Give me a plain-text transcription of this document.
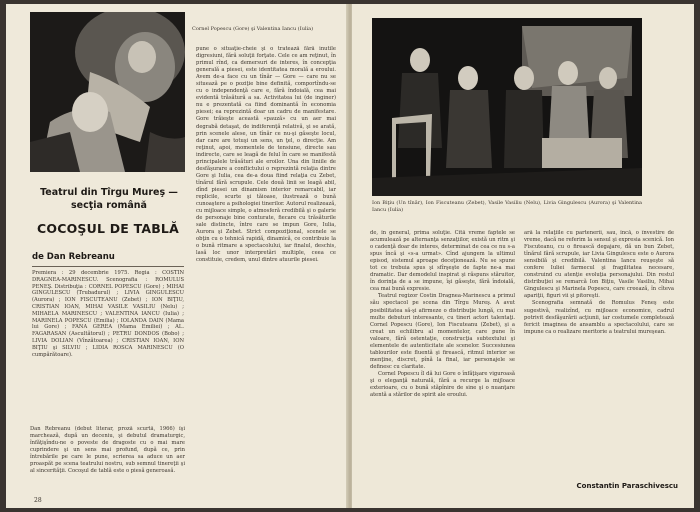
Teatrul din Tîrgu Mureş — secţia română
COCOŞUL DE TABLĂ
de Dan Rebreanu
Premiera : 29 decembrie 1975. Regia : COSTIN DRAGNEA-MARINESCU. Scenografia : ROMULUS PENEŞ. Distribuţia : CORNEL POPESCU (Gore) ; MIHAI GINGULESCU (Trubadurul) ; LIVIA GINGULESCU (Aurora) ; ION FISCUTEANU (Zebet) ; ION BIŢIU, CRISTIAN IOAN, MIHAI VASILE VASILIU (Nelu) ; MIHAELA MARINESCU ; VALENTINA IANCU (Iulia) ; MARINELA POPESCU (Emilia) ; IOLANDA DAIN (Mama lui Gore) ; FANA GEREA (Mama Emiliei) ; AL. FAGARASAN (Ascultătorul) ; PETRU DONDOS (Bobo) ; LIVIA DOLIAN (Vînzătoarea) ; CRISTIAN IOAN, ION BIŢIU şi SILVIU ; LIDIA ROSCA MARINESCU (O cumpărătoare).
Dan Rebreanu (debut literar, proză scurtă, 1966) îşi marchează, după un deceniu, şi debutul dramaturgic, înfăţişîndu-ne o poveste de dragoste cu o mai mare cuprindere şi un sens mai profund, după ce, prin întrebările pe care le pune, scrierea sa aduce un aer proaspăt pe scena teatrului nostru, sub semnul tinereţii şi al sincerităţii. Cocoşul de tablă este o piesă generoasă.
pune o situaţie-cheie şi o tratează fără inutile digresiuni, fără soluţii forţate. Cele ce am reţinut, în primul rînd, ca demersuri de interes, în concepţia generală a piesei, este identitatea morală a eroului. Avem de-a face cu un tînăr — Gore — care nu se situează pe o poziţie bine definită, comportîndu-se cu o independenţă care e, fără îndoială, cea mai evidentă trăsătură a sa. Activitatea lui (de inginer) nu e prezentată ca fiind dominantă în economia piesei; ea reprezintă doar un cadru de manifestare. Gore trăieşte această «pauză» cu un aer mai degrabă detaşat, de indiferenţă relativă, şi se arată, prin scenele alese, un tînăr ce nu-şi găseşte locul, dar care are totuşi un sens, un ţel, o direcţie. Am reţinut, apoi, momentele de tensiune, directe sau indirecte, care se leagă de felul în care se manifestă principalele trăsături ale eroilor. Una din liniile de desfăşurare a conflictului o reprezintă relaţia dintre Gore şi Iulia, cea de-a doua fiind relaţia cu Zebet, tînărul fără scrupule. Cele două linii se leagă abil, dînd piesei un dinamism interior remarcabil, iar replicile, scurte şi tăioase, ilustrează o bună cunoaştere a psihologiei tinerilor. Autorul realizează, cu mijloace simple, o atmosferă credibilă şi o galerie de personaje bine conturate, fiecare cu trăsăturile sale distincte, între care se impun Gore, Iulia, Aurora şi Zebet. Strict compoziţional, scenele se obţin cu o tehnică rapidă, dinamică, ce contribuie la o bună ritmare a spectacolului, iar finalul, deschis, lasă loc unor interpretări multiple, ceea ce constituie, credem, unul dintre atuurile piesei.
28
Cornel Popescu (Gore) şi Valentina Iancu (Iulia)
Ion Biţiu (Un tînăr), Ion Fiscuteanu (Zebet), Vasile Vasiliu (Nelu), Livia Gingulescu (Aurora) şi Valentina Iancu (Iulia)

de, în general, prima soluţie. Cită vreme faptele se acumulează pe alternanţa senzaţiilor, există un ritm şi o cadenţă doar de interes, determinat de cea ce nu s-a spus încă şi «s-a urmat». Cînd ajungem la ultimul episod, sistemul aproape deceţionează. Nu se spune tot ce trebuia spus şi sfîrşeşte de fapte ne-a mai dramatic. Dar demodelul inspirat şi răspuns stăruitor, în dorinţa de a se impune, îşi găseşte, fără îndoială, cea mai bună expresie.

Teatrul regizor Costin Dragnea-Marinescu a primul său spectacol pe scena din Tîrgu Mureş. A avut posibilitatea să-şi afirmeze o distribuţie lungă, cu mai multe debuturi interesante, cu tineri actori talentaţi. Cornel Popescu (Gore), Ion Fiscuteanu (Zebet), şi a creat un echilibru al momentelor, care pune în valoare, fără ostentaţie, construcţia subtextului şi elementele de autenticitate ale scenelor. Succesiunea tablourilor este fluentă şi firească, ritmul interior se menţine, discret, pînă la final, iar personajele se definesc cu claritate.

Cornel Popescu îl dă lui Gore o înfăţişare viguroasă şi o eleganţă naturală, fără a recurge la mijloace exterioare, cu o bună stăpînire de sine şi o nuanţare atentă a stărilor de spirit ale eroului.

ară la relaţiile cu partenerii, sau, încă, o învestire de vreme, dacă ne referim la sensul şi expresia scenică. Ion Fiscuteanu, cu o firească degajare, dă un bun Zebet, tînărul fără scrupule, iar Livia Gingulescu este o Aurora sensibilă şi credibilă. Valentina Iancu reuşeşte să confere Iuliei farmecul şi fragilitatea necesare, construind cu atenţie evoluţia personajului. Din restul distribuţiei se remarcă Ion Biţiu, Vasile Vasiliu, Mihai Gingulescu şi Marinela Popescu, care creează, în cîteva apariţii, figuri vii şi pitoreşti.

Scenografia semnată de Romulus Feneş este sugestivă, realizînd, cu mijloace economice, cadrul potrivit desfăşurării acţiunii, iar costumele completează fericit imaginea de ansamblu a spectacolului, care se impune ca o realizare meritorie a teatrului mureşean.

Constantin Paraschivescu
